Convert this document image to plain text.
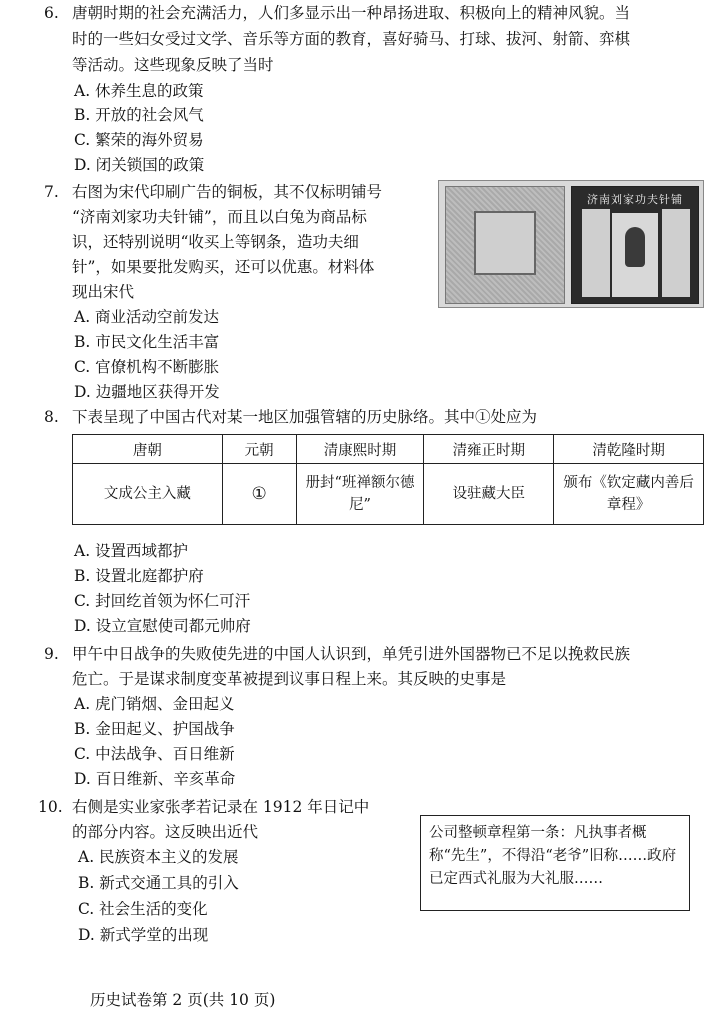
6. 唐朝时期的社会充满活力，人们多显示出一种昂扬进取、积极向上的精神风貌。当
时的一些妇女受过文学、音乐等方面的教育，喜好骑马、打球、拔河、射箭、弈棋
等活动。这些现象反映了当时
A. 休养生息的政策
B. 开放的社会风气
C. 繁荣的海外贸易
D. 闭关锁国的政策
7. 右图为宋代印刷广告的铜板，其不仅标明铺号
“济南刘家功夫针铺”，而且以白兔为商品标
识，还特别说明“收买上等钢条，造功夫细
针”，如果要批发购买，还可以优惠。材料体
现出宋代
A. 商业活动空前发达
B. 市民文化生活丰富
C. 官僚机构不断膨胀
D. 边疆地区获得开发
济南刘家功夫针铺
8. 下表呈现了中国古代对某一地区加强管辖的历史脉络。其中①处应为
唐朝	元朝	清康熙时期	清雍正时期	清乾隆时期
文成公主入藏	①	册封“班禅额尔德尼”	设驻藏大臣	颁布《钦定藏内善后章程》
A. 设置西域都护
B. 设置北庭都护府
C. 封回纥首领为怀仁可汗
D. 设立宣慰使司都元帅府
9. 甲午中日战争的失败使先进的中国人认识到，单凭引进外国器物已不足以挽救民族
危亡。于是谋求制度变革被提到议事日程上来。其反映的史事是
A. 虎门销烟、金田起义
B. 金田起义、护国战争
C. 中法战争、百日维新
D. 百日维新、辛亥革命
10. 右侧是实业家张孝若记录在 1912 年日记中
的部分内容。这反映出近代
A. 民族资本主义的发展
B. 新式交通工具的引入
C. 社会生活的变化
D. 新式学堂的出现
公司整顿章程第一条：凡执事者概称“先生”，不得沿“老爷”旧称……政府已定西式礼服为大礼服……
历史试卷第 2 页(共 10 页)
